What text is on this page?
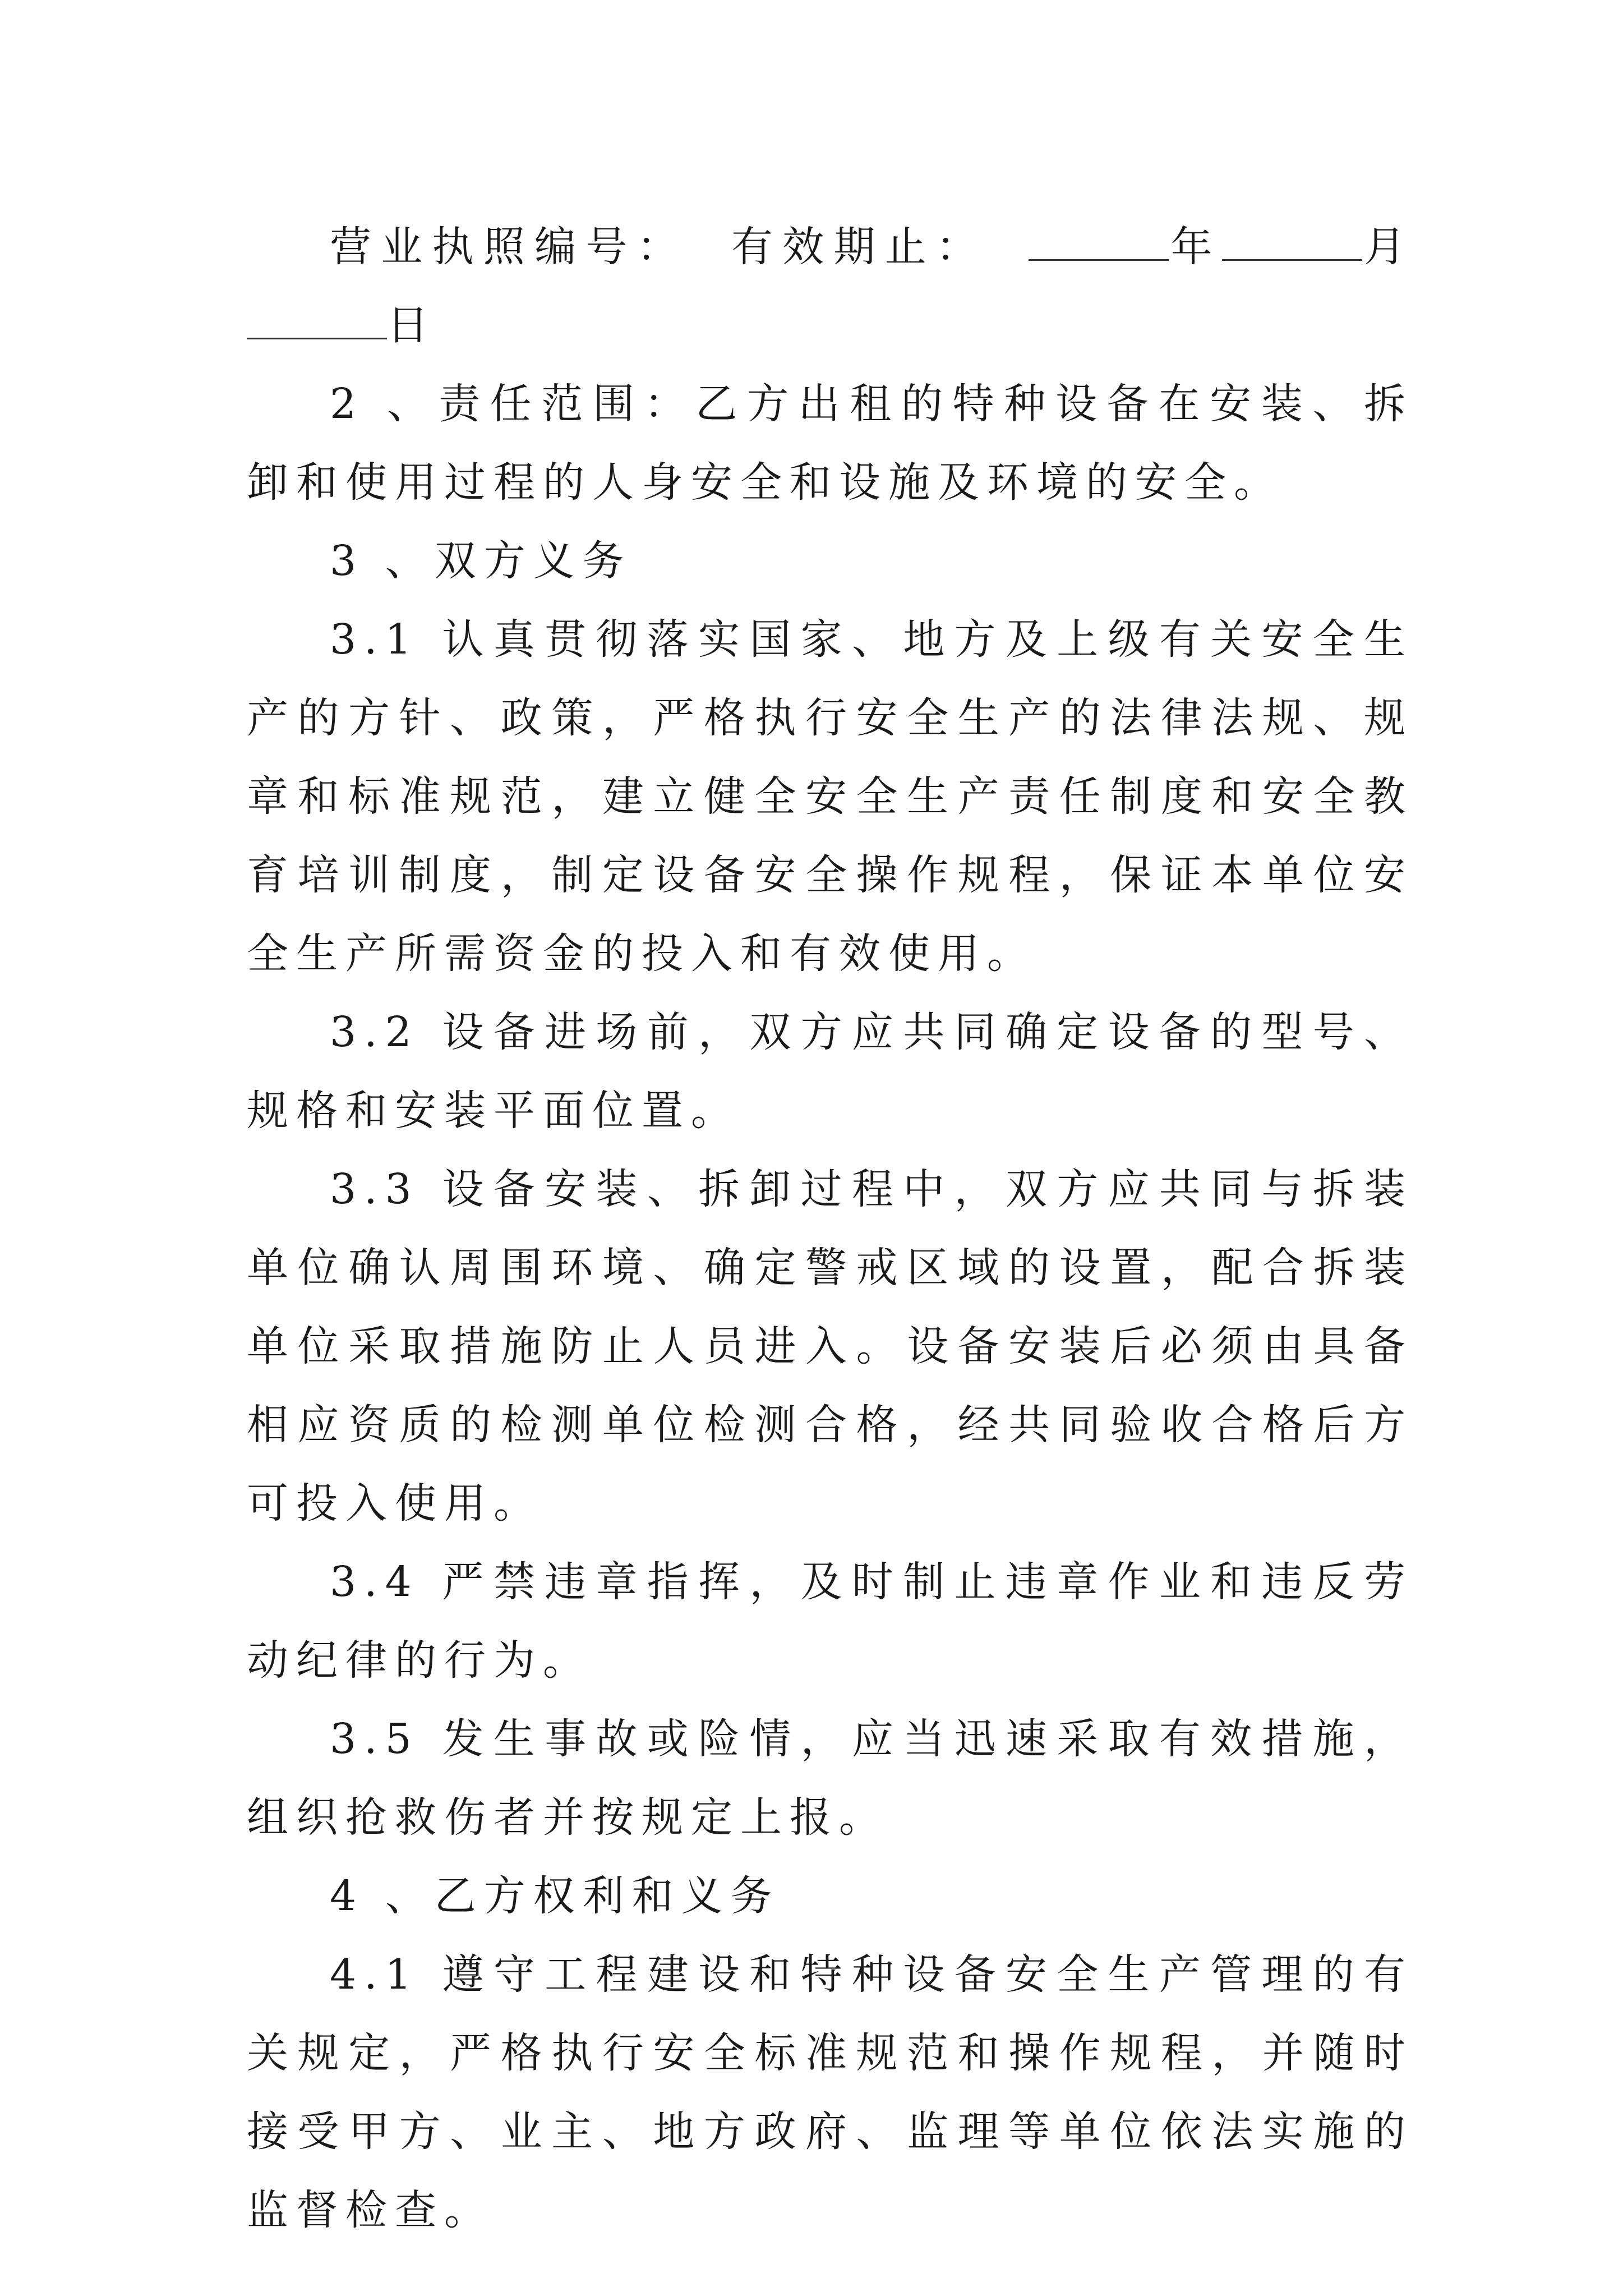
营业执照编号： 有效期止：	年	月日

2 、责任范围：乙方出租的特种设备在安装、拆卸和使用过程的人身安全和设施及环境的安全。

3 、双方义务

3.1 认真贯彻落实国家、地方及上级有关安全生产的方针、政策，严格执行安全生产的法律法规、规章和标准规范，建立健全安全生产责任制度和安全教育培训制度，制定设备安全操作规程，保证本单位安全生产所需资金的投入和有效使用。

3.2 设备进场前，双方应共同确定设备的型号、规格和安装平面位置。

3.3 设备安装、拆卸过程中，双方应共同与拆装单位确认周围环境、确定警戒区域的设置，配合拆装单位采取措施防止人员进入。设备安装后必须由具备相应资质的检测单位检测合格，经共同验收合格后方可投入使用。

3.4 严禁违章指挥，及时制止违章作业和违反劳动纪律的行为。

3.5 发生事故或险情，应当迅速采取有效措施，组织抢救伤者并按规定上报。

4 、乙方权利和义务

4.1 遵守工程建设和特种设备安全生产管理的有关规定，严格执行安全标准规范和操作规程，并随时接受甲方、业主、地方政府、监理等单位依法实施的监督检查。
